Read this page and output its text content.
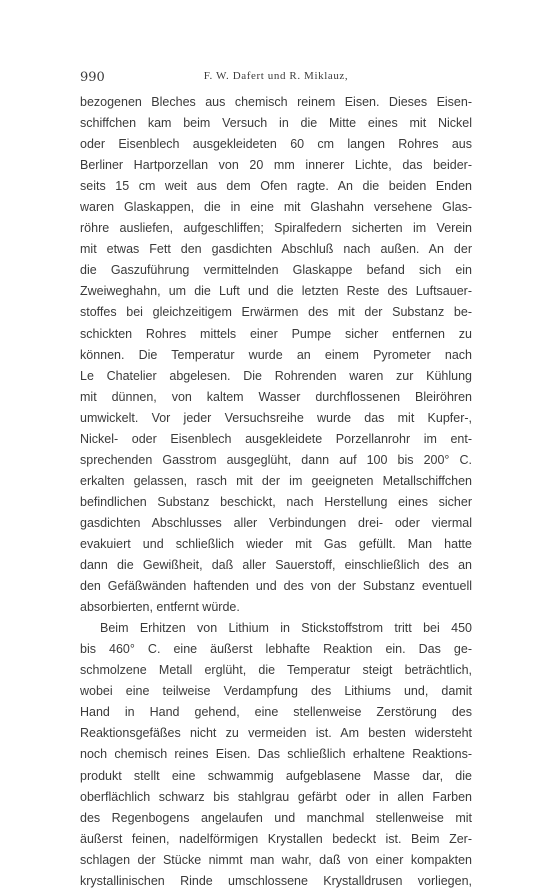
990	F. W. Dafert und R. Miklauz,
bezogenen Bleches aus chemisch reinem Eisen. Dieses Eisen-
schiffchen kam beim Versuch in die Mitte eines mit Nickel
oder Eisenblech ausgekleideten 60 cm langen Rohres aus
Berliner Hartporzellan von 20 mm innerer Lichte, das beider-
seits 15 cm weit aus dem Ofen ragte. An die beiden Enden
waren Glaskappen, die in eine mit Glashahn versehene Glas-
röhre ausliefen, aufgeschliffen; Spiralfedern sicherten im Verein
mit etwas Fett den gasdichten Abschluß nach außen. An der
die Gaszuführung vermittelnden Glaskappe befand sich ein
Zweiweghahn, um die Luft und die letzten Reste des Luftsauer-
stoffes bei gleichzeitigem Erwärmen des mit der Substanz be-
schickten Rohres mittels einer Pumpe sicher entfernen zu
können. Die Temperatur wurde an einem Pyrometer nach
Le Chatelier abgelesen. Die Rohrenden waren zur Kühlung
mit dünnen, von kaltem Wasser durchflossenen Bleiröhren
umwickelt. Vor jeder Versuchsreihe wurde das mit Kupfer-,
Nickel- oder Eisenblech ausgekleidete Porzellanrohr im ent-
sprechenden Gasstrom ausgeglüht, dann auf 100 bis 200° C.
erkalten gelassen, rasch mit der im geeigneten Metallschiffchen
befindlichen Substanz beschickt, nach Herstellung eines sicher
gasdichten Abschlusses aller Verbindungen drei- oder viermal
evakuiert und schließlich wieder mit Gas gefüllt. Man hatte
dann die Gewißheit, daß aller Sauerstoff, einschließlich des an
den Gefäßwänden haftenden und des von der Substanz eventuell
absorbierten, entfernt würde.
Beim Erhitzen von Lithium in Stickstoffstrom tritt bei 450
bis 460° C. eine äußerst lebhafte Reaktion ein. Das ge-
schmolzene Metall erglüht, die Temperatur steigt beträchtlich,
wobei eine teilweise Verdampfung des Lithiums und, damit
Hand in Hand gehend, eine stellenweise Zerstörung des
Reaktionsgefäßes nicht zu vermeiden ist. Am besten widersteht
noch chemisch reines Eisen. Das schließlich erhaltene Reaktions-
produkt stellt eine schwammig aufgeblasene Masse dar, die
oberflächlich schwarz bis stahlgrau gefärbt oder in allen Farben
des Regenbogens angelaufen und manchmal stellenweise mit
äußerst feinen, nadelförmigen Krystallen bedeckt ist. Beim Zer-
schlagen der Stücke nimmt man wahr, daß von einer kompakten
krystallinischen Rinde umschlossene Krystalldrusen vorliegen,
